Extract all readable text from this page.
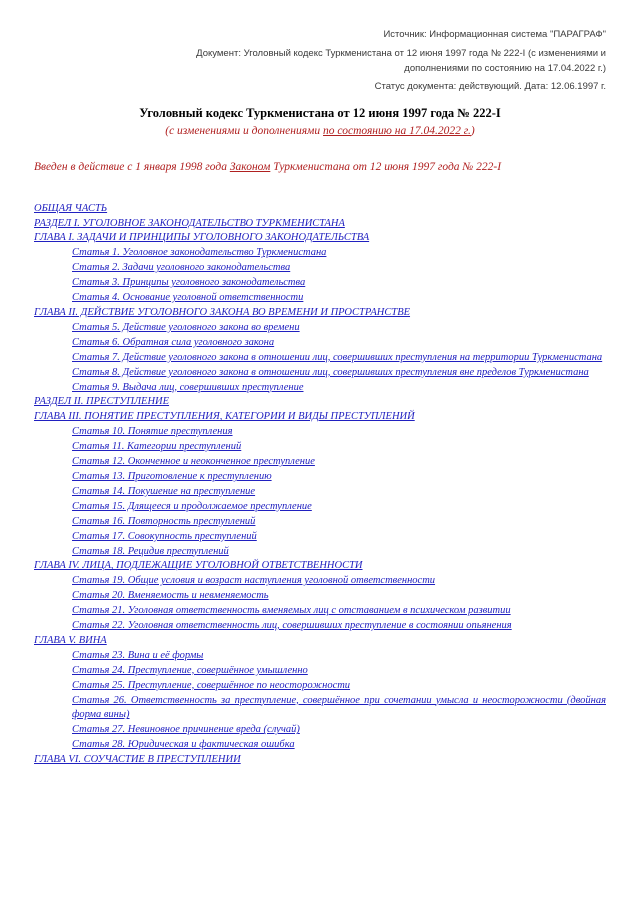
Источник: Информационная система "ПАРАГРАФ"
Документ: Уголовный кодекс Туркменистана от 12 июня 1997 года № 222-I (с изменениями и дополнениями по состоянию на 17.04.2022 г.)
Статус документа: действующий. Дата: 12.06.1997 г.
Уголовный кодекс Туркменистана от 12 июня 1997 года № 222-I
(с изменениями и дополнениями по состоянию на 17.04.2022 г.)
Введен в действие с 1 января 1998 года Законом Туркменистана от 12 июня 1997 года № 222-I
ОБЩАЯ ЧАСТЬ
РАЗДЕЛ I. УГОЛОВНОЕ ЗАКОНОДАТЕЛЬСТВО ТУРКМЕНИСТАНА
ГЛАВА I. ЗАДАЧИ И ПРИНЦИПЫ УГОЛОВНОГО ЗАКОНОДАТЕЛЬСТВА
Статья 1. Уголовное законодательство Туркменистана
Статья 2. Задачи уголовного законодательства
Статья 3. Принципы уголовного законодательства
Статья 4. Основание уголовной ответственности
ГЛАВА II. ДЕЙСТВИЕ УГОЛОВНОГО ЗАКОНА ВО ВРЕМЕНИ И ПРОСТРАНСТВЕ
Статья 5. Действие уголовного закона во времени
Статья 6. Обратная сила уголовного закона
Статья 7. Действие уголовного закона в отношении лиц, совершивших преступления на территории Туркменистана
Статья 8. Действие уголовного закона в отношении лиц, совершивших преступления вне пределов Туркменистана
Статья 9. Выдача лиц, совершивших преступление
РАЗДЕЛ II. ПРЕСТУПЛЕНИЕ
ГЛАВА III. ПОНЯТИЕ ПРЕСТУПЛЕНИЯ, КАТЕГОРИИ И ВИДЫ ПРЕСТУПЛЕНИЙ
Статья 10. Понятие преступления
Статья 11. Категории преступлений
Статья 12. Оконченное и неоконченное преступление
Статья 13. Приготовление к преступлению
Статья 14. Покушение на преступление
Статья 15. Длящееся и продолжаемое преступление
Статья 16. Повторность преступлений
Статья 17. Совокупность преступлений
Статья 18. Рецидив преступлений
ГЛАВА IV. ЛИЦА, ПОДЛЕЖАЩИЕ УГОЛОВНОЙ ОТВЕТСТВЕННОСТИ
Статья 19. Общие условия и возраст наступления уголовной ответственности
Статья 20. Вменяемость и невменяемость
Статья 21. Уголовная ответственность вменяемых лиц с отставанием в психическом развитии
Статья 22. Уголовная ответственность лиц, совершивших преступление в состоянии опьянения
ГЛАВА V. ВИНА
Статья 23. Вина и её формы
Статья 24. Преступление, совершённое умышленно
Статья 25. Преступление, совершённое по неосторожности
Статья 26. Ответственность за преступление, совершённое при сочетании умысла и неосторожности (двойная форма вины)
Статья 27. Невиновное причинение вреда (случай)
Статья 28. Юридическая и фактическая ошибка
ГЛАВА VI. СОУЧАСТИЕ В ПРЕСТУПЛЕНИИ
